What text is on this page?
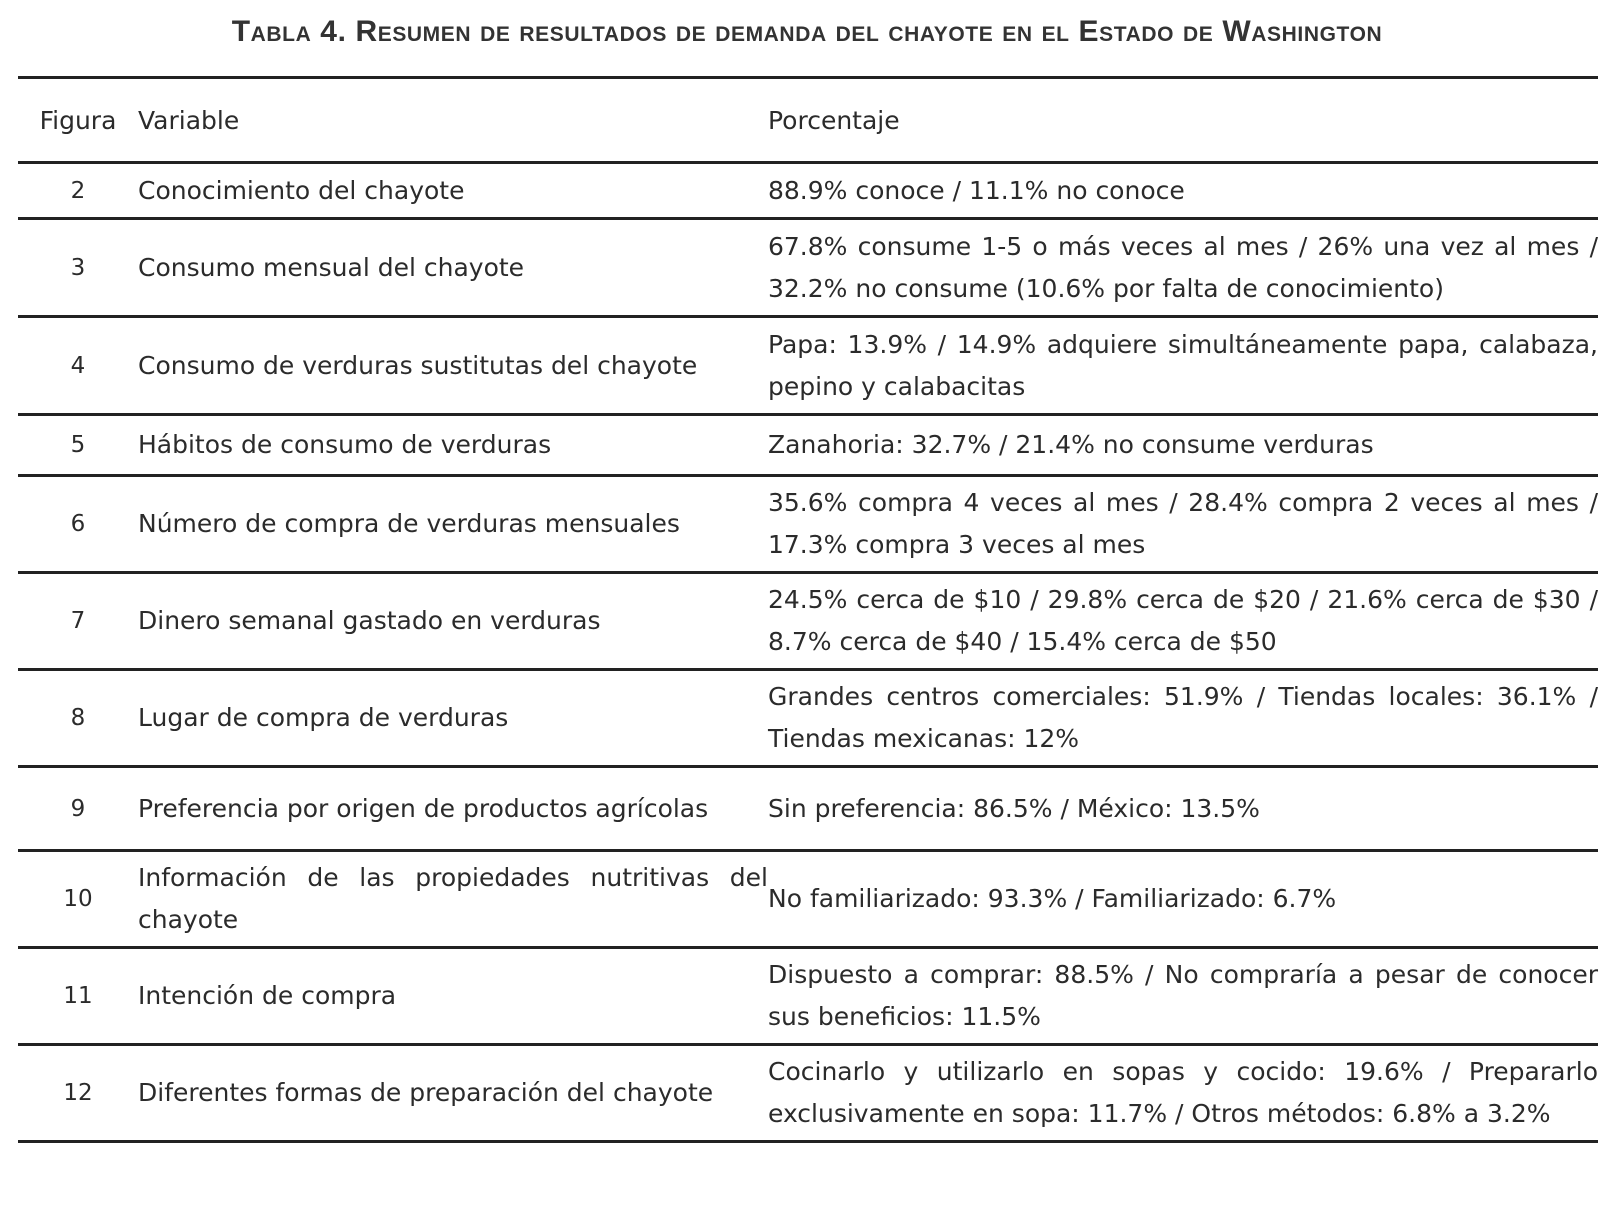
Tabla 4. Resumen de resultados de demanda del chayote en el Estado de Washington
Figura	Variable	Porcentaje
2	Conocimiento del chayote	88.9% conoce / 11.1% no conoce
3	Consumo mensual del chayote	67.8% consume 1-5 o más veces al mes / 26% una vez al mes / 32.2% no consume (10.6% por falta de conocimiento)
4	Consumo de verduras sustitutas del chayote	Papa: 13.9% / 14.9% adquiere simultáneamente papa, calabaza, pepino y calabacitas
5	Hábitos de consumo de verduras	Zanahoria: 32.7% / 21.4% no consume verduras
6	Número de compra de verduras mensuales	35.6% compra 4 veces al mes / 28.4% compra 2 veces al mes / 17.3% compra 3 veces al mes
7	Dinero semanal gastado en verduras	24.5% cerca de $10 / 29.8% cerca de $20 / 21.6% cerca de $30 / 8.7% cerca de $40 / 15.4% cerca de $50
8	Lugar de compra de verduras	Grandes centros comerciales: 51.9% / Tiendas locales: 36.1% / Tiendas mexicanas: 12%
9	Preferencia por origen de productos agrícolas	Sin preferencia: 86.5% / México: 13.5%
10	Información de las propiedades nutritivas del chayote	No familiarizado: 93.3% / Familiarizado: 6.7%
11	Intención de compra	Dispuesto a comprar: 88.5% / No compraría a pesar de conocer sus beneficios: 11.5%
12	Diferentes formas de preparación del chayote	Cocinarlo y utilizarlo en sopas y cocido: 19.6% / Prepararlo exclusivamente en sopa: 11.7% / Otros métodos: 6.8% a 3.2%
